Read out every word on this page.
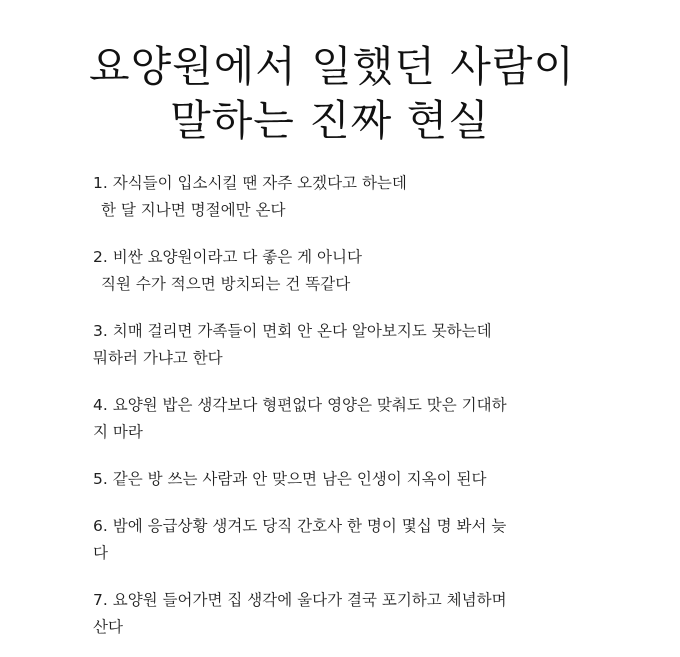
요양원에서 일했던 사람이
말하는 진짜 현실
1. 자식들이 입소시킬 땐 자주 오겠다고 하는데
한 달 지나면 명절에만 온다
2. 비싼 요양원이라고 다 좋은 게 아니다
직원 수가 적으면 방치되는 건 똑같다
3. 치매 걸리면 가족들이 면회 안 온다 알아보지도 못하는데
뭐하러 가냐고 한다
4. 요양원 밥은 생각보다 형편없다 영양은 맞춰도 맛은 기대하
지 마라
5. 같은 방 쓰는 사람과 안 맞으면 남은 인생이 지옥이 된다
6. 밤에 응급상황 생겨도 당직 간호사 한 명이 몇십 명 봐서 늦
다
7. 요양원 들어가면 집 생각에 울다가 결국 포기하고 체념하며
산다
